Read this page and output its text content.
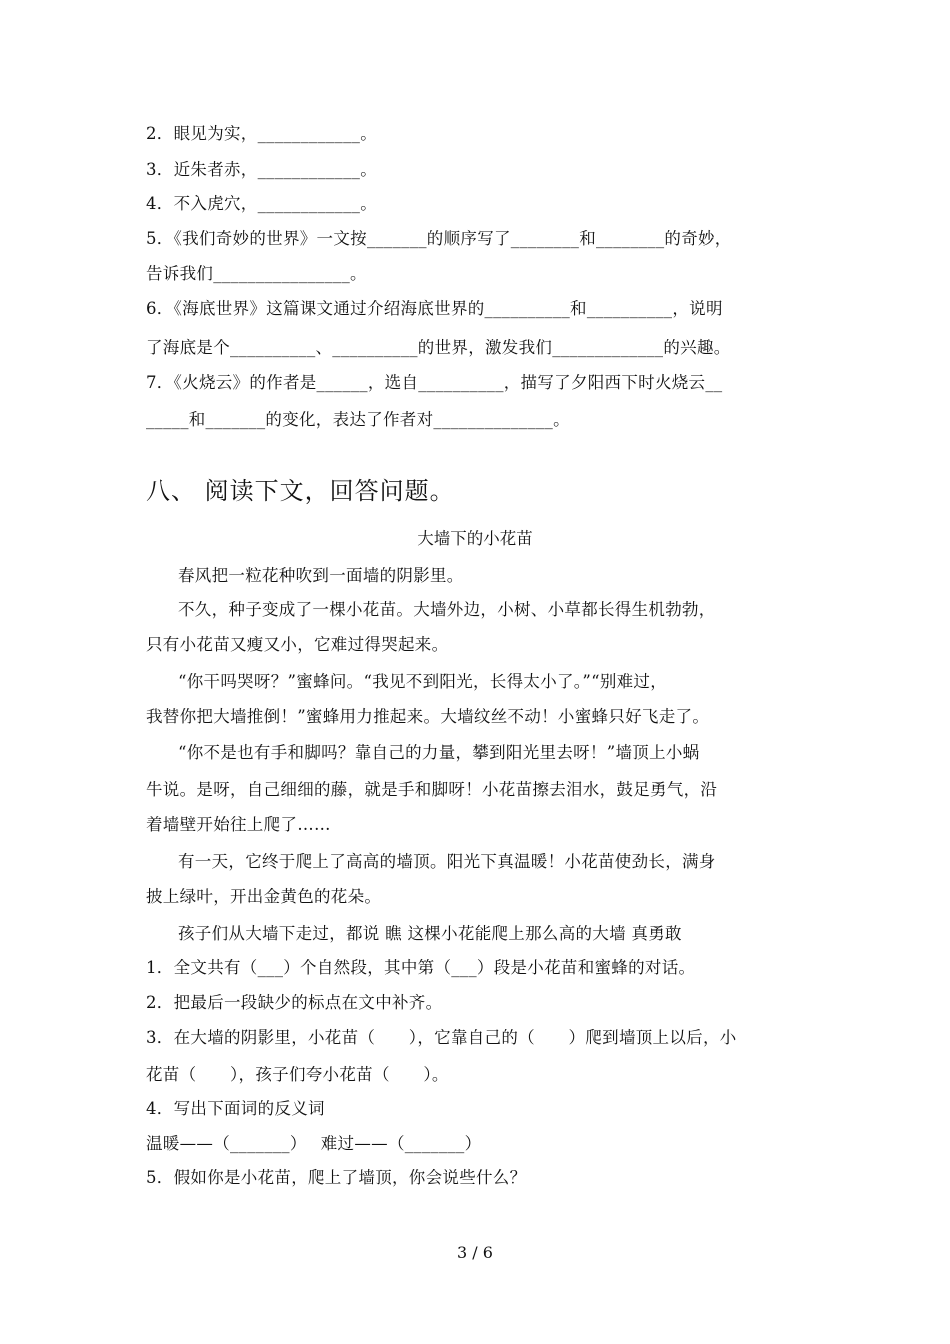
2．眼见为实，____________。
3．近朱者赤，____________。
4．不入虎穴，____________。
5．《我们奇妙的世界》一文按_______的顺序写了________和________的奇妙，
告诉我们________________。
6．《海底世界》这篇课文通过介绍海底世界的__________和__________，说明
了海底是个__________、__________的世界，激发我们_____________的兴趣。
7．《火烧云》的作者是______，选自__________，描写了夕阳西下时火烧云__
_____和_______的变化，表达了作者对______________。
八、 阅读下文，回答问题。
大墙下的小花苗
春风把一粒花种吹到一面墙的阴影里。
不久，种子变成了一棵小花苗。大墙外边，小树、小草都长得生机勃勃，
只有小花苗又瘦又小，它难过得哭起来。
“你干吗哭呀？”蜜蜂问。“我见不到阳光，长得太小了。”“别难过，
我替你把大墙推倒！”蜜蜂用力推起来。大墙纹丝不动！小蜜蜂只好飞走了。
“你不是也有手和脚吗？靠自己的力量，攀到阳光里去呀！”墙顶上小蜗
牛说。是呀，自己细细的藤，就是手和脚呀！小花苗擦去泪水，鼓足勇气，沿
着墙壁开始往上爬了……
有一天，它终于爬上了高高的墙顶。阳光下真温暖！小花苗使劲长，满身
披上绿叶，开出金黄色的花朵。
孩子们从大墙下走过，都说 瞧 这棵小花能爬上那么高的大墙 真勇敢
1．全文共有（___）个自然段，其中第（___）段是小花苗和蜜蜂的对话。
2．把最后一段缺少的标点在文中补齐。
3．在大墙的阴影里，小花苗（　　），它靠自己的（　　）爬到墙顶上以后，小
花苗（　　），孩子们夸小花苗（　　）。
4．写出下面词的反义词
温暖——（_______）　 难过——（_______）
5．假如你是小花苗，爬上了墙顶，你会说些什么？
3 / 6
